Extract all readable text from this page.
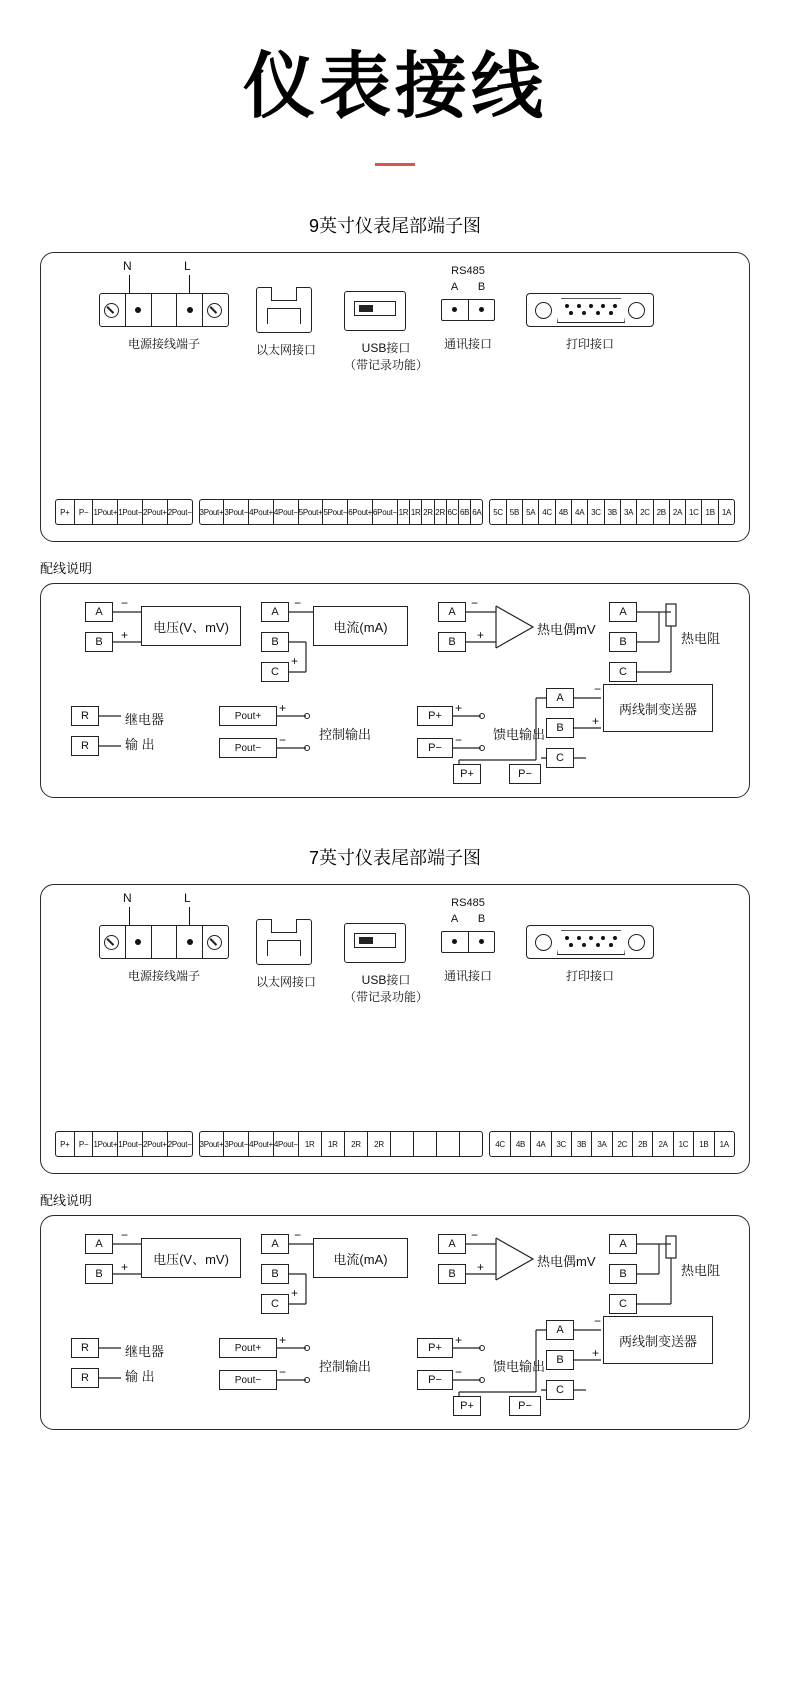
仪表接线
9英寸仪表尾部端子图
N	L
电源接线端子	以太网接口	USB接口
（带记录功能）
RS485
A	B
通讯接口	打印接口
P+	P− 1Pout+ 1Pout− 2Pout+ 2Pout− 3Pout+ 3Pout− 4Pout+ 4Pout− 5Pout+ 5Pout− 6Pout+ 6Pout− 1R 1R 2R 2R 6C 6B 6A	5C 5B 5A 4C 4B 4A 3C 3B 3A 2C 2B 2A 1C 1B 1A
配线说明
A
B
−
+
电压(V、mV)
A
B
C
−
+
电流(mA)
A
B
−
+	热电偶mV
A
B
C
热电阻
R
R
继电器
输 出
Pout+
Pout−
+
−	控制输出
P+
P−
+
− 馈电输出
A
B
C
P+	P−
−
+
两线制变送器
7英寸仪表尾部端子图
N	L
电源接线端子	以太网接口	USB接口
（带记录功能）
RS485
A	B
通讯接口	打印接口
P+	P− 1Pout+ 1Pout− 2Pout+ 2Pout− 3Pout+ 3Pout− 4Pout+ 4Pout− 1R	1R	2R	2R	4C	4B	4A	3C	3B	3A	2C	2B	2A	1C	1B	1A
配线说明
A
B
−
+
电压(V、mV)
A
B
C
−
+
电流(mA)
A
B
−
+	热电偶mV
A
B
C
热电阻
R
R
继电器
输 出
Pout+
Pout−
+
−	控制输出
P+
P−
+
− 馈电输出
A
B
C
P+	P−
−
+
两线制变送器
